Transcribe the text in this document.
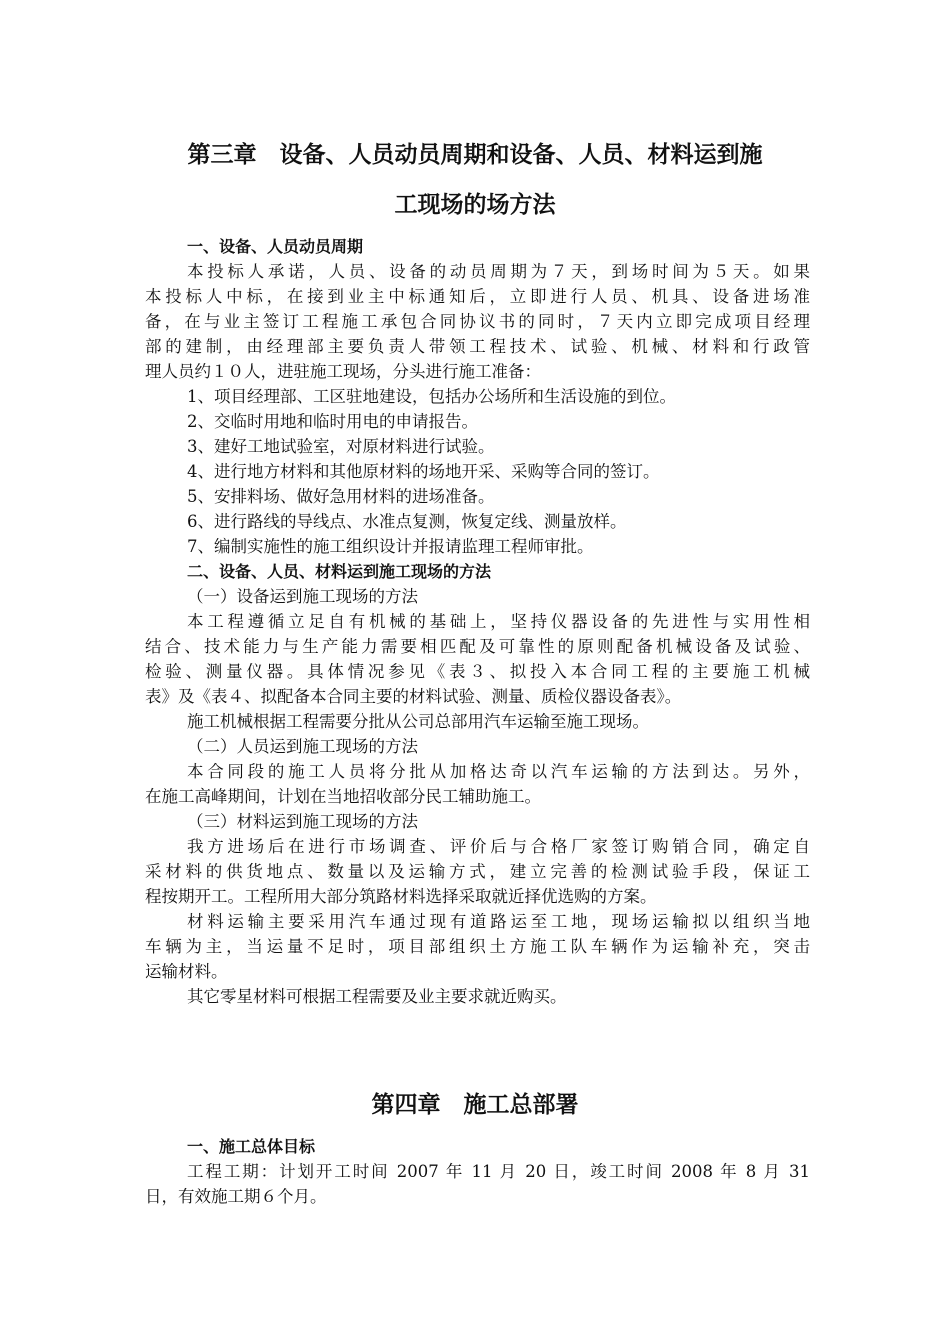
第三章　设备、人员动员周期和设备、人员、材料运到施
工现场的场方法

一、设备、人员动员周期

本投标人承诺，人员、设备的动员周期为７天，到场时间为５天。如果

本投标人中标，在接到业主中标通知后，立即进行人员、机具、设备进场准

备，在与业主签订工程施工承包合同协议书的同时，７天内立即完成项目经理

部的建制，由经理部主要负责人带领工程技术、试验、机械、材料和行政管

理人员约１０人，进驻施工现场，分头进行施工准备：

1、项目经理部、工区驻地建设，包括办公场所和生活设施的到位。

2、交临时用地和临时用电的申请报告。

3、建好工地试验室，对原材料进行试验。

4、进行地方材料和其他原材料的场地开采、采购等合同的签订。

5、安排料场、做好急用材料的进场准备。

6、进行路线的导线点、水准点复测，恢复定线、测量放样。

7、编制实施性的施工组织设计并报请监理工程师审批。

二、设备、人员、材料运到施工现场的方法

（一）设备运到施工现场的方法

本工程遵循立足自有机械的基础上，坚持仪器设备的先进性与实用性相

结合、技术能力与生产能力需要相匹配及可靠性的原则配备机械设备及试验、

检验、测量仪器。具体情况参见《表３、拟投入本合同工程的主要施工机械

表》及《表４、拟配备本合同主要的材料试验、测量、质检仪器设备表》。

施工机械根据工程需要分批从公司总部用汽车运输至施工现场。

（二）人员运到施工现场的方法

本合同段的施工人员将分批从加格达奇以汽车运输的方法到达。另外，

在施工高峰期间，计划在当地招收部分民工辅助施工。

（三）材料运到施工现场的方法

我方进场后在进行市场调查、评价后与合格厂家签订购销合同，确定自

采材料的供货地点、数量以及运输方式，建立完善的检测试验手段，保证工

程按期开工。工程所用大部分筑路材料选择采取就近择优选购的方案。

材料运输主要采用汽车通过现有道路运至工地，现场运输拟以组织当地

车辆为主，当运量不足时，项目部组织土方施工队车辆作为运输补充，突击

运输材料。

其它零星材料可根据工程需要及业主要求就近购买。

第四章　施工总部署

一、施工总体目标

工程工期：计划开工时间 2007 年 11 月 20 日，竣工时间 2008 年 8 月 31

日，有效施工期６个月。
